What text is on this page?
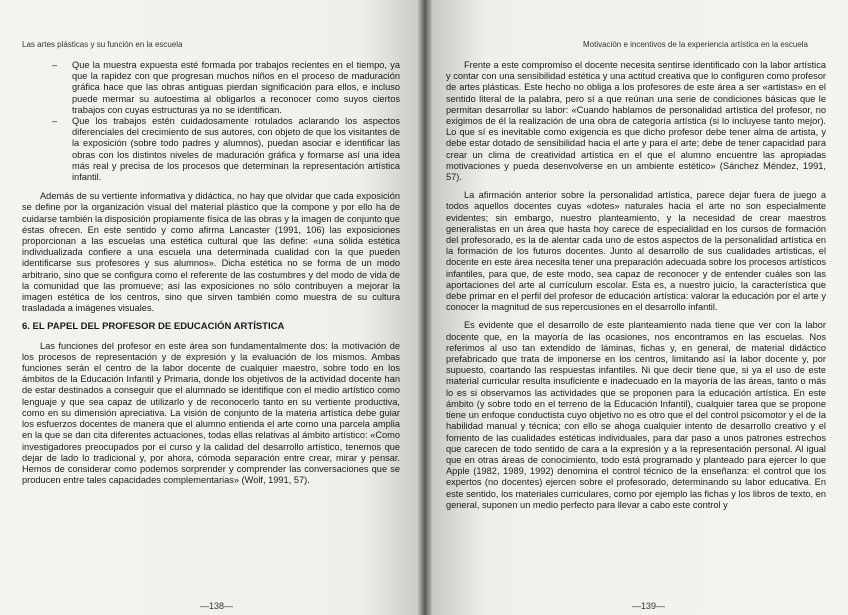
Las artes plásticas y su función en la escuela
– Que la muestra expuesta esté formada por trabajos recientes en el tiempo, ya que la rapidez con que progresan muchos niños en el proceso de maduración gráfica hace que las obras antiguas pierdan significación para ellos, e incluso puede mermar su autoestima al obligarlos a reconocer como suyos ciertos trabajos con cuyas estructuras ya no se identifican.
– Que los trabajos estén cuidadosamente rotulados aclarando los aspectos diferenciales del crecimiento de sus autores, con objeto de que los visitantes de la exposición (sobre todo padres y alumnos), puedan asociar e identificar las obras con los distintos niveles de maduración gráfica y formarse así una idea más real y precisa de los procesos que determinan la representación artística infantil.

Además de su vertiente informativa y didáctica, no hay que olvidar que cada exposición se define por la organización visual del material plástico que la compone y por ello ha de cuidarse también la disposición propiamente física de las obras y la imagen de conjunto que éstas ofrecen. En este sentido y como afirma Lancaster (1991, 106) las exposiciones proporcionan a las escuelas una estética cultural que las define: «una sólida estética individualizada confiere a una escuela una determinada cualidad con la que pueden identificarse sus profesores y sus alumnos». Dicha estética no se forma de un modo arbitrario, sino que se configura como el referente de las costumbres y del modo de vida de la comunidad que las promueve; así las exposiciones no sólo contribuyen a mejorar la imagen estética de los centros, sino que sirven también como muestra de su cultura trasladada a imágenes visuales.

6. EL PAPEL DEL PROFESOR DE EDUCACIÓN ARTÍSTICA

Las funciones del profesor en este área son fundamentalmente dos: la motivación de los procesos de representación y de expresión y la evaluación de los mismos. Ambas funciones serán el centro de la labor docente de cualquier maestro, sobre todo en los ámbitos de la Educación Infantil y Primaria, donde los objetivos de la actividad docente han de estar destinados a conseguir que el alumnado se identifique con el medio artístico como lenguaje y que sea capaz de utilizarlo y de reconocerlo tanto en su vertiente productiva, como en su dimensión apreciativa. La visión de conjunto de la materia artística debe guiar los esfuerzos docentes de manera que el alumno entienda el arte como una parcela amplia en la que se dan cita diferentes actuaciones, todas ellas relativas al ámbito artístico: «Como investigadores preocupados por el curso y la calidad del desarrollo artístico, tenemos que dejar de lado lo tradicional y, por ahora, cómoda separación entre crear, mirar y pensar. Hemos de considerar como podemos sorprender y comprender las conversaciones que se producen entre tales capacidades complementarias» (Wolf, 1991, 57).

—138—
Motivación e incentivos de la experiencia artística en la escuela

Frente a este compromiso el docente necesita sentirse identificado con la labor artística y contar con una sensibilidad estética y una actitud creativa que lo configuren como profesor de artes plásticas. Este hecho no obliga a los profesores de este área a ser «artistas» en el sentido literal de la palabra, pero sí a que reúnan una serie de condiciones básicas que le permitan desarrollar su labor: «Cuando hablamos de personalidad artística del profesor, no exigimos de él la realización de una obra de categoría artística (si lo incluyese tanto mejor). Lo que sí es inevitable como exigencia es que dicho profesor debe tener alma de artista, y debe estar dotado de sensibilidad hacia el arte y para el arte; debe de tener capacidad para crear un clima de creatividad artística en el que el alumno encuentre las apropiadas motivaciones y pueda desenvolverse en un ambiente estético» (Sánchez Méndez, 1991, 57).

La afirmación anterior sobre la personalidad artística, parece dejar fuera de juego a todos aquellos docentes cuyas «dotes» naturales hacia el arte no son especialmente evidentes; sin embargo, nuestro planteamiento, y la necesidad de crear maestros generalistas en un área que hasta hoy carece de especialidad en los cursos de formación del profesorado, es la de alentar cada uno de estos aspectos de la personalidad artística en la formación de los futuros docentes. Junto al desarrollo de sus cualidades artísticas, el docente en este área necesita tener una preparación adecuada sobre los procesos artísticos infantiles, para que, de este modo, sea capaz de reconocer y de entender cuáles son las aportaciones del arte al currículum escolar. Esta es, a nuestro juicio, la característica que debe primar en el perfil del profesor de educación artística: valorar la educación por el arte y conocer la magnitud de sus repercusiones en el desarrollo infantil.

Es evidente que el desarrollo de este planteamiento nada tiene que ver con la labor docente que, en la mayoría de las ocasiones, nos encontramos en las escuelas. Nos referimos al uso tan extendido de láminas, fichas y, en general, de material didáctico prefabricado que trata de imponerse en los centros, limitando así la labor docente y, por supuesto, coartando las respuestas infantiles. Ni que decir tiene que, si ya el uso de este material curricular resulta insuficiente e inadecuado en la mayoría de las áreas, tanto o más lo es si observamos las actividades que se proponen para la educación artística. En este ámbito (y sobre todo en el terreno de la Educación Infantil), cualquier tarea que se propone tiene un enfoque conductista cuyo objetivo no es otro que el del control psicomotor y el de la habilidad manual y técnica; con ello se ahoga cualquier intento de desarrollo creativo y el fomento de las cualidades estéticas individuales, para dar paso a unos patrones estrechos que carecen de todo sentido de cara a la expresión y a la representación personal. Al igual que en otras áreas de conocimiento, todo está programado y planteado para ejercer lo que Apple (1982, 1989, 1992) denomina el control técnico de la enseñanza: el control que los expertos (no docentes) ejercen sobre el profesorado, determinando su labor educativa. En este sentido, los materiales curriculares, como por ejemplo las fichas y los libros de texto, en general, suponen un medio perfecto para llevar a cabo este control y

—139—
